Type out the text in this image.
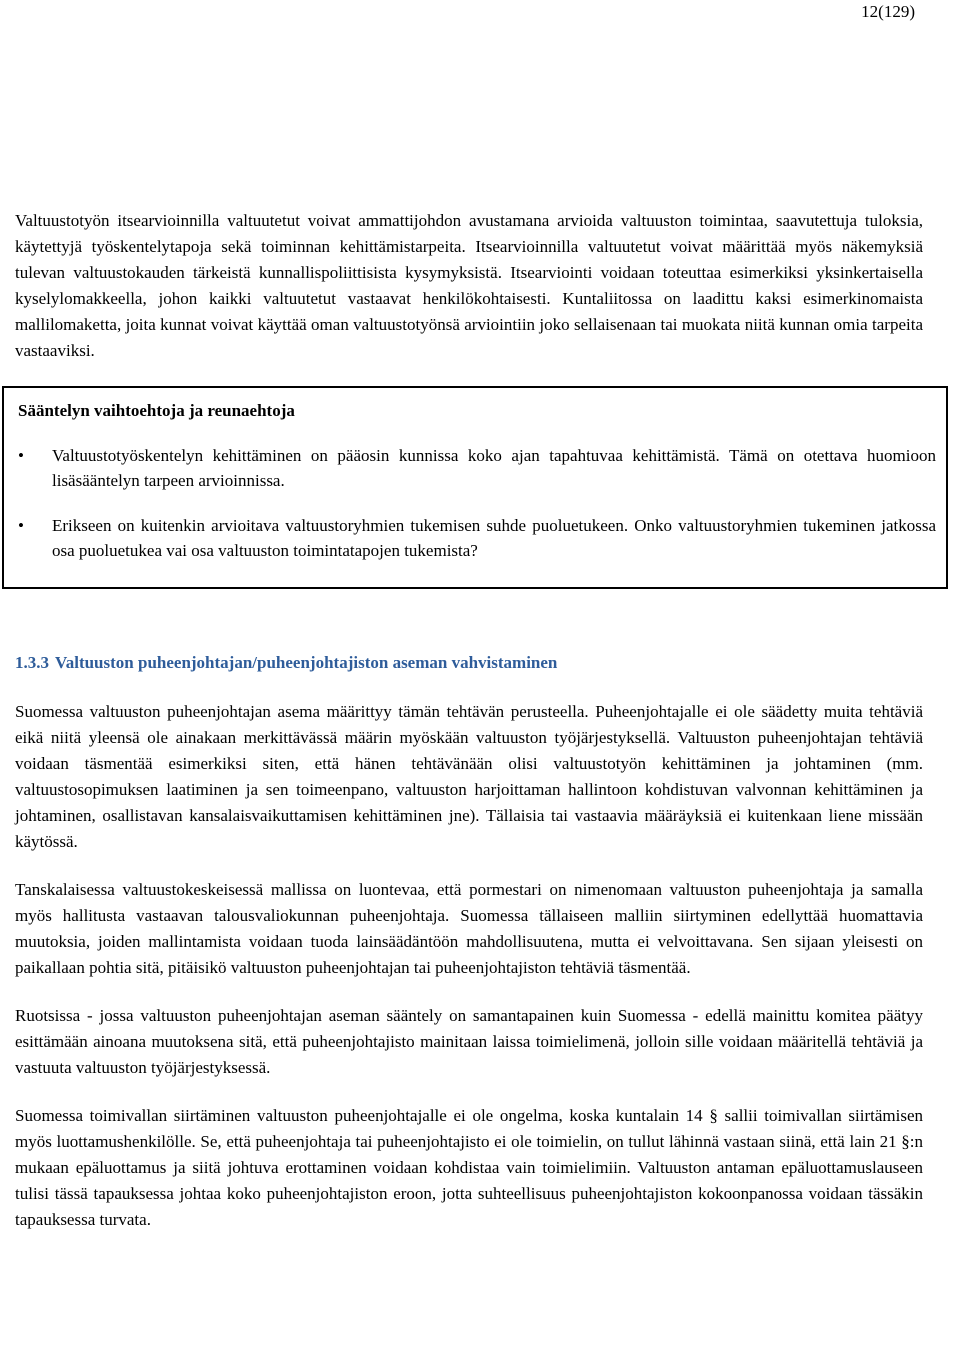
12(129)

Valtuustotyön itsearvioinnilla valtuutetut voivat ammattijohdon avustamana arvioida valtuuston toimintaa, saavutettuja tuloksia, käytettyjä työskentelytapoja sekä toiminnan kehittämistarpeita. Itsearvioinnilla valtuutetut voivat määrittää myös näkemyksiä tulevan valtuustokauden tärkeistä kunnallispoliittisista kysymyksistä. Itsearviointi voidaan toteuttaa esimerkiksi yksinkertaisella kyselylomakkeella, johon kaikki valtuutetut vastaavat henkilökohtaisesti. Kuntaliitossa on laadittu kaksi esimerkinomaista mallilomaketta, joita kunnat voivat käyttää oman valtuustotyönsä arviointiin joko sellaisenaan tai muokata niitä kunnan omia tarpeita vastaaviksi.

Sääntelyn vaihtoehtoja ja reunaehtoja
• Valtuustotyöskentelyn kehittäminen on pääosin kunnissa koko ajan tapahtuvaa kehittämistä. Tämä on otettava huomioon lisäsääntelyn tarpeen arvioinnissa.
• Erikseen on kuitenkin arvioitava valtuustoryhmien tukemisen suhde puoluetukeen. Onko valtuustoryhmien tukeminen jatkossa osa puoluetukea vai osa valtuuston toimintatapojen tukemista?
1.3.3 Valtuuston puheenjohtajan/puheenjohtajiston aseman vahvistaminen

Suomessa valtuuston puheenjohtajan asema määrittyy tämän tehtävän perusteella. Puheenjohtajalle ei ole säädetty muita tehtäviä eikä niitä yleensä ole ainakaan merkittävässä määrin myöskään valtuuston työjärjestyksellä. Valtuuston puheenjohtajan tehtäviä voidaan täsmentää esimerkiksi siten, että hänen tehtävänään olisi valtuustotyön kehittäminen ja johtaminen (mm. valtuustosopimuksen laatiminen ja sen toimeenpano, valtuuston harjoittaman hallintoon kohdistuvan valvonnan kehittäminen ja johtaminen, osallistavan kansalaisvaikuttamisen kehittäminen jne). Tällaisia tai vastaavia määräyksiä ei kuitenkaan liene missään käytössä.

Tanskalaisessa valtuustokeskeisessä mallissa on luontevaa, että pormestari on nimenomaan valtuuston puheenjohtaja ja samalla myös hallitusta vastaavan talousvaliokunnan puheenjohtaja. Suomessa tällaiseen malliin siirtyminen edellyttää huomattavia muutoksia, joiden mallintamista voidaan tuoda lainsäädäntöön mahdollisuutena, mutta ei velvoittavana. Sen sijaan yleisesti on paikallaan pohtia sitä, pitäisikö valtuuston puheenjohtajan tai puheenjohtajiston tehtäviä täsmentää.

Ruotsissa - jossa valtuuston puheenjohtajan aseman sääntely on samantapainen kuin Suomessa - edellä mainittu komitea päätyy esittämään ainoana muutoksena sitä, että puheenjohtajisto mainitaan laissa toimielimenä, jolloin sille voidaan määritellä tehtäviä ja vastuuta valtuuston työjärjestyksessä.

Suomessa toimivallan siirtäminen valtuuston puheenjohtajalle ei ole ongelma, koska kuntalain 14 § sallii toimivallan siirtämisen myös luottamushenkilölle. Se, että puheenjohtaja tai puheenjohtajisto ei ole toimielin, on tullut lähinnä vastaan siinä, että lain 21 §:n mukaan epäluottamus ja siitä johtuva erottaminen voidaan kohdistaa vain toimielimiin. Valtuuston antaman epäluottamuslauseen tulisi tässä tapauksessa johtaa koko puheenjohtajiston eroon, jotta suhteellisuus puheenjohtajiston kokoonpanossa voidaan tässäkin tapauksessa turvata.
